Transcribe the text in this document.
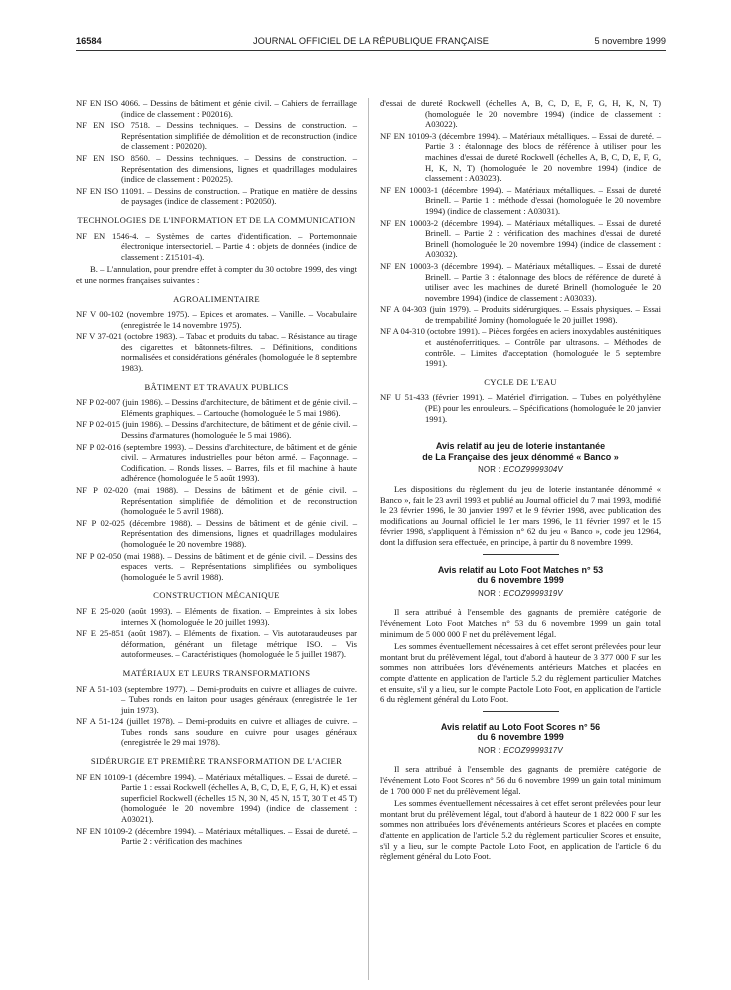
16584	JOURNAL OFFICIEL DE LA RÉPUBLIQUE FRANÇAISE	5 novembre 1999
NF EN ISO 4066. – Dessins de bâtiment et génie civil. – Cahiers de ferraillage (indice de classement : P02016).
NF EN ISO 7518. – Dessins techniques. – Dessins de construction. – Représentation simplifiée de démolition et de reconstruction (indice de classement : P02020).
NF EN ISO 8560. – Dessins techniques. – Dessins de construction. – Représentation des dimensions, lignes et quadrillages modulaires (indice de classement : P02025).
NF EN ISO 11091. – Dessins de construction. – Pratique en matière de dessins de paysages (indice de classement : P02050).
TECHNOLOGIES DE L'INFORMATION ET DE LA COMMUNICATION
NF EN 1546-4. – Systèmes de cartes d'identification. – Portemonnaie électronique intersectoriel. – Partie 4 : objets de données (indice de classement : Z15101-4).
B. – L'annulation, pour prendre effet à compter du 30 octobre 1999, des vingt et une normes françaises suivantes :
AGROALIMENTAIRE
NF V 00-102 (novembre 1975). – Epices et aromates. – Vanille. – Vocabulaire (enregistrée le 14 novembre 1975).
NF V 37-021 (octobre 1983). – Tabac et produits du tabac. – Résistance au tirage des cigarettes et bâtonnets-filtres. – Définitions, conditions normalisées et considérations générales (homologuée le 8 septembre 1983).
BÂTIMENT ET TRAVAUX PUBLICS
NF P 02-007 (juin 1986). – Dessins d'architecture, de bâtiment et de génie civil. – Eléments graphiques. – Cartouche (homologuée le 5 mai 1986).
NF P 02-015 (juin 1986). – Dessins d'architecture, de bâtiment et de génie civil. – Dessins d'armatures (homologuée le 5 mai 1986).
NF P 02-016 (septembre 1993). – Dessins d'architecture, de bâtiment et de génie civil. – Armatures industrielles pour béton armé. – Façonnage. – Codification. – Ronds lisses. – Barres, fils et fil machine à haute adhérence (homologuée le 5 août 1993).
NF P 02-020 (mai 1988). – Dessins de bâtiment et de génie civil. – Représentation simplifiée de démolition et de reconstruction (homologuée le 5 avril 1988).
NF P 02-025 (décembre 1988). – Dessins de bâtiment et de génie civil. – Représentation des dimensions, lignes et quadrillages modulaires (homologuée le 20 novembre 1988).
NF P 02-050 (mai 1988). – Dessins de bâtiment et de génie civil. – Dessins des espaces verts. – Représentations simplifiées ou symboliques (homologuée le 5 avril 1988).
CONSTRUCTION MÉCANIQUE
NF E 25-020 (août 1993). – Eléments de fixation. – Empreintes à six lobes internes X (homologuée le 20 juillet 1993).
NF E 25-851 (août 1987). – Eléments de fixation. – Vis autotaraudeuses par déformation, générant un filetage métrique ISO. – Vis autoformeuses. – Caractéristiques (homologuée le 5 juillet 1987).
MATÉRIAUX ET LEURS TRANSFORMATIONS
NF A 51-103 (septembre 1977). – Demi-produits en cuivre et alliages de cuivre. – Tubes ronds en laiton pour usages généraux (enregistrée le 1er juin 1973).
NF A 51-124 (juillet 1978). – Demi-produits en cuivre et alliages de cuivre. – Tubes ronds sans soudure en cuivre pour usages généraux (enregistrée le 29 mai 1978).
SIDÉRURGIE ET PREMIÈRE TRANSFORMATION DE L'ACIER
NF EN 10109-1 (décembre 1994). – Matériaux métalliques. – Essai de dureté. – Partie 1 : essai Rockwell (échelles A, B, C, D, E, F, G, H, K) et essai superficiel Rockwell (échelles 15 N, 30 N, 45 N, 15 T, 30 T et 45 T) (homologuée le 20 novembre 1994) (indice de classement : A03021).
NF EN 10109-2 (décembre 1994). – Matériaux métalliques. – Essai de dureté. – Partie 2 : vérification des machines
d'essai de dureté Rockwell (échelles A, B, C, D, E, F, G, H, K, N, T) (homologuée le 20 novembre 1994) (indice de classement : A03022).
NF EN 10109-3 (décembre 1994). – Matériaux métalliques. – Essai de dureté. – Partie 3 : étalonnage des blocs de référence à utiliser pour les machines d'essai de dureté Rockwell (échelles A, B, C, D, E, F, G, H, K, N, T) (homologuée le 20 novembre 1994) (indice de classement : A03023).
NF EN 10003-1 (décembre 1994). – Matériaux métalliques. – Essai de dureté Brinell. – Partie 1 : méthode d'essai (homologuée le 20 novembre 1994) (indice de classement : A03031).
NF EN 10003-2 (décembre 1994). – Matériaux métalliques. – Essai de dureté Brinell. – Partie 2 : vérification des machines d'essai de dureté Brinell (homologuée le 20 novembre 1994) (indice de classement : A03032).
NF EN 10003-3 (décembre 1994). – Matériaux métalliques. – Essai de dureté Brinell. – Partie 3 : étalonnage des blocs de référence de dureté à utiliser avec les machines de dureté Brinell (homologuée le 20 novembre 1994) (indice de classement : A03033).
NF A 04-303 (juin 1979). – Produits sidérurgiques. – Essais physiques. – Essai de trempabilité Jominy (homologuée le 20 juillet 1998).
NF A 04-310 (octobre 1991). – Pièces forgées en aciers inoxydables austénitiques et austénoferritiques. – Contrôle par ultrasons. – Méthodes de contrôle. – Limites d'acceptation (homologuée le 5 septembre 1991).
CYCLE DE L'EAU
NF U 51-433 (février 1991). – Matériel d'irrigation. – Tubes en polyéthylène (PE) pour les enrouleurs. – Spécifications (homologuée le 20 janvier 1991).
Avis relatif au jeu de loterie instantanée
de La Française des jeux dénommé « Banco »
NOR : ECOZ9999304V
Les dispositions du règlement du jeu de loterie instantanée dénommé « Banco », fait le 23 avril 1993 et publié au Journal officiel du 7 mai 1993, modifié le 23 février 1996, le 30 janvier 1997 et le 9 février 1998, avec publication des modifications au Journal officiel le 1er mars 1996, le 11 février 1997 et le 15 février 1998, s'appliquent à l'émission n° 62 du jeu « Banco », code jeu 12964, dont la diffusion sera effectuée, en principe, à partir du 8 novembre 1999.
Avis relatif au Loto Foot Matches n° 53
du 6 novembre 1999
NOR : ECOZ9999319V
Il sera attribué à l'ensemble des gagnants de première catégorie de l'événement Loto Foot Matches n° 53 du 6 novembre 1999 un gain total minimum de 5 000 000 F net du prélèvement légal.
Les sommes éventuellement nécessaires à cet effet seront prélevées pour leur montant brut du prélèvement légal, tout d'abord à hauteur de 3 377 000 F sur les sommes non attribuées lors d'événements antérieurs Matches et placées en compte d'attente en application de l'article 5.2 du règlement particulier Matches et ensuite, s'il y a lieu, sur le compte Pactole Loto Foot, en application de l'article 6 du règlement général du Loto Foot.
Avis relatif au Loto Foot Scores n° 56
du 6 novembre 1999
NOR : ECOZ9999317V
Il sera attribué à l'ensemble des gagnants de première catégorie de l'événement Loto Foot Scores n° 56 du 6 novembre 1999 un gain total minimum de 1 700 000 F net du prélèvement légal.
Les sommes éventuellement nécessaires à cet effet seront prélevées pour leur montant brut du prélèvement légal, tout d'abord à hauteur de 1 822 000 F sur les sommes non attribuées lors d'événements antérieurs Scores et placées en compte d'attente en application de l'article 5.2 du règlement particulier Scores et ensuite, s'il y a lieu, sur le compte Pactole Loto Foot, en application de l'article 6 du règlement général du Loto Foot.
